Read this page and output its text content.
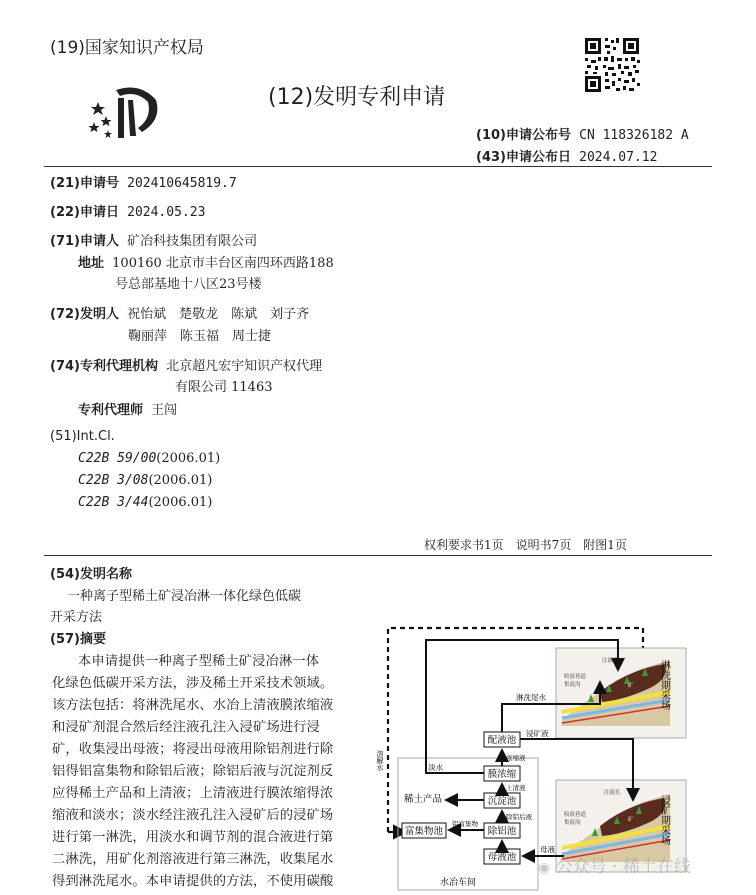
(19)国家知识产权局
(12)发明专利申请
(10)申请公布号 CN 118326182 A
(43)申请公布日 2024.07.12
(21)申请号 202410645819.7
(22)申请日 2024.05.23
(71)申请人 矿冶科技集团有限公司
地址 100160 北京市丰台区南四环西路188
号总部基地十八区23号楼
(72)发明人 祝怡斌　楚敬龙　陈斌　刘子齐
鞠丽萍　陈玉福　周士捷
(74)专利代理机构 北京超凡宏宇知识产权代理
有限公司 11463
专利代理师 王闯
(51)Int.Cl.
C22B 59/00(2006.01)
C22B 3/08(2006.01)
C22B 3/44(2006.01)
权利要求书1页　说明书7页　附图1页
(54)发明名称
一种离子型稀土矿浸冶淋一体化绿色低碳
开采方法
(57)摘要
本申请提供一种离子型稀土矿浸冶淋一体
化绿色低碳开采方法，涉及稀土开采技术领域。
该方法包括：将淋洗尾水、水冶上清液膜浓缩液
和浸矿剂混合然后经注液孔注入浸矿场进行浸
矿，收集浸出母液；将浸出母液用除铝剂进行除
铝得铝富集物和除铝后液；除铝后液与沉淀剂反
应得稀土产品和上清液；上清液进行膜浓缩得浓
缩液和淡水；淡水经注液孔注入浸矿后的浸矿场
进行第一淋洗，用淡水和调节剂的混合液进行第
二淋洗，用矿化剂溶液进行第三淋洗，收集尾水
得到淋洗尾水。本申请提供的方法，不使用碳酸
溶解水
注液孔
收液巷道
集液沟	矿 淋洗期采场
注液孔
收液巷道
集液沟	矿 浸矿期采场
水冶车间
配液池
膜浓缩
沉淀池
除铝池
母液池
富集物池
稀土产品
淋洗尾水
浸矿液
浓缩液
上清液
除铝后液
铝富集物
淡水
母液
◉ 公众号 · 稀土在线
